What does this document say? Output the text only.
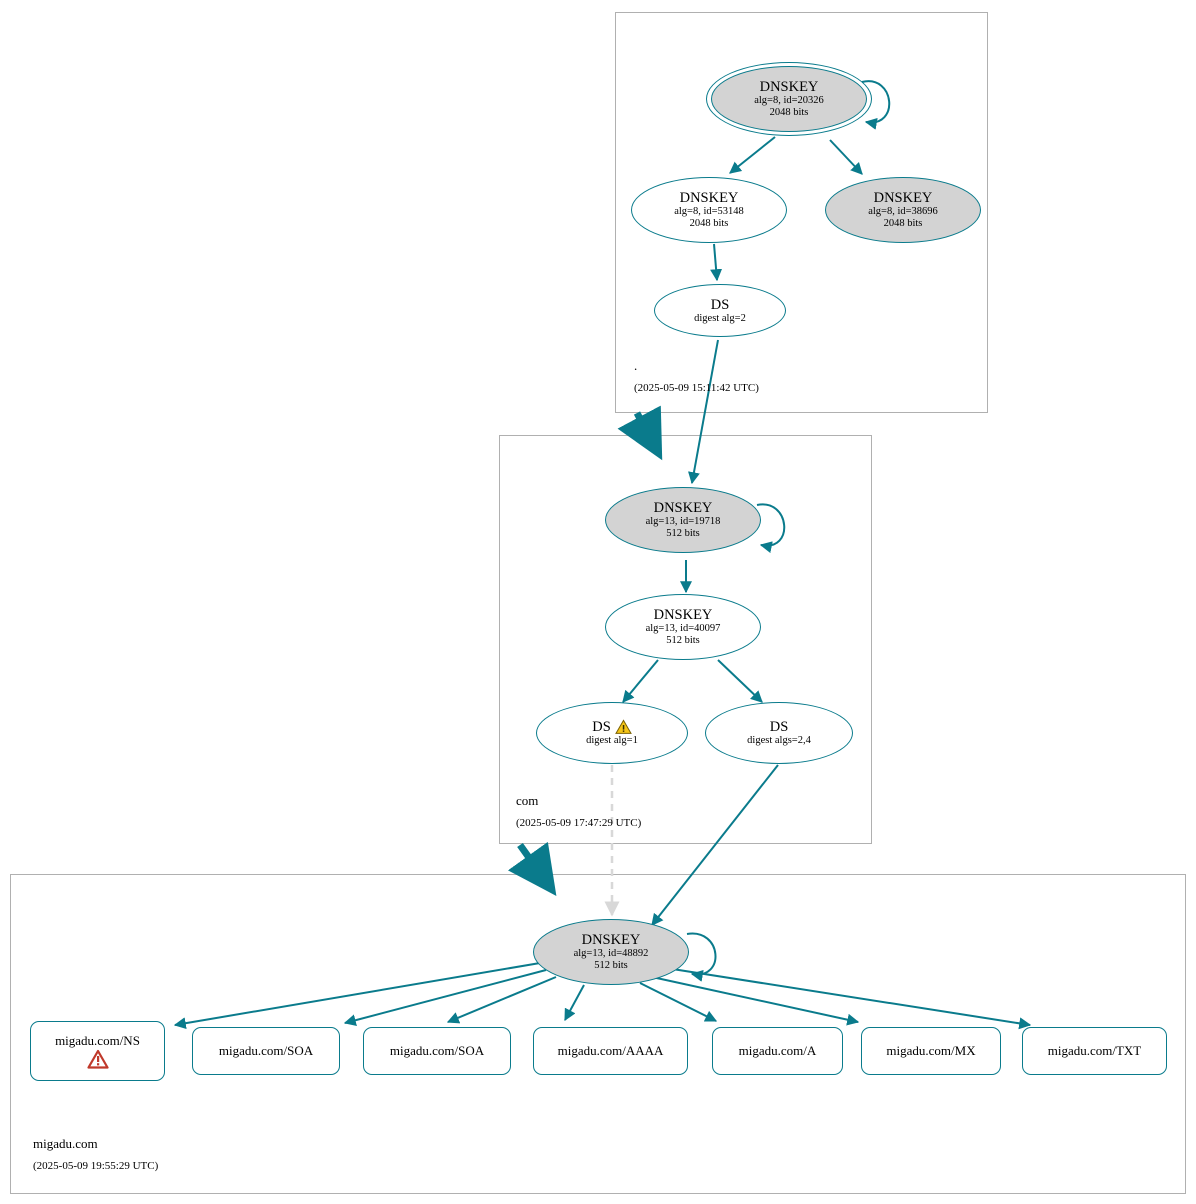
DNSKEY
alg=8, id=20326
2048 bits
DNSKEY
alg=8, id=53148
2048 bits
DNSKEY
alg=8, id=38696
2048 bits
DS
digest alg=2
.
(2025-05-09 15:11:42 UTC)
DNSKEY
alg=13, id=19718
512 bits
DNSKEY
alg=13, id=40097
512 bits
DS
digest alg=1
DS
digest algs=2,4
com
(2025-05-09 17:47:29 UTC)
DNSKEY
alg=13, id=48892
512 bits
migadu.com/NS
migadu.com/SOA	migadu.com/SOA	migadu.com/AAAA	migadu.com/A	migadu.com/MX	migadu.com/TXT
migadu.com
(2025-05-09 19:55:29 UTC)
